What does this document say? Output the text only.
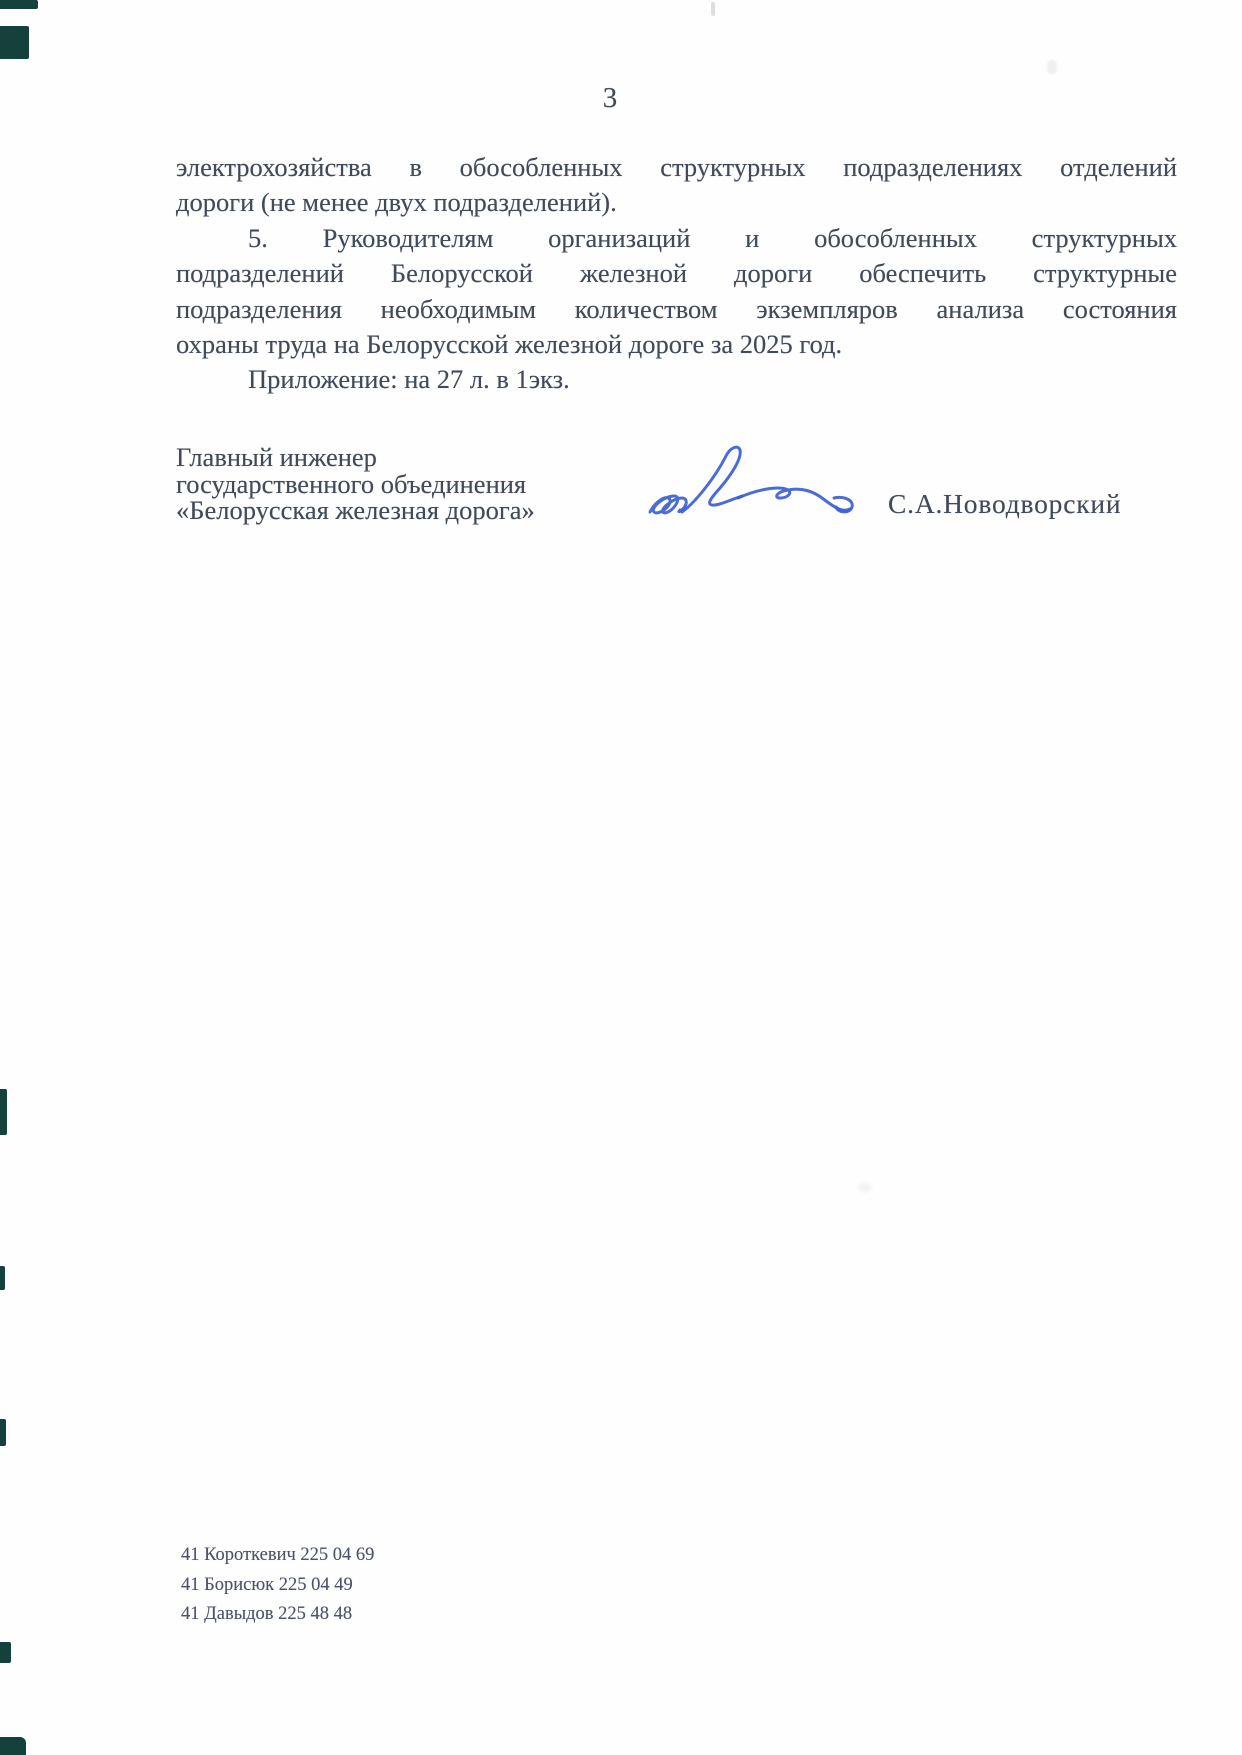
3
электрохозяйства в обособленных структурных подразделениях отделений
дороги (не менее двух подразделений).
5. Руководителям организаций и обособленных структурных
подразделений Белорусской железной дороги обеспечить структурные
подразделения необходимым количеством экземпляров анализа состояния
охраны труда на Белорусской железной дороге за 2025 год.
Приложение: на 27 л. в 1экз.
Главный инженер
государственного объединения
«Белорусская железная дорога»	С.А.Новодворский
41 Короткевич 225 04 69
41 Борисюк 225 04 49
41 Давыдов 225 48 48
